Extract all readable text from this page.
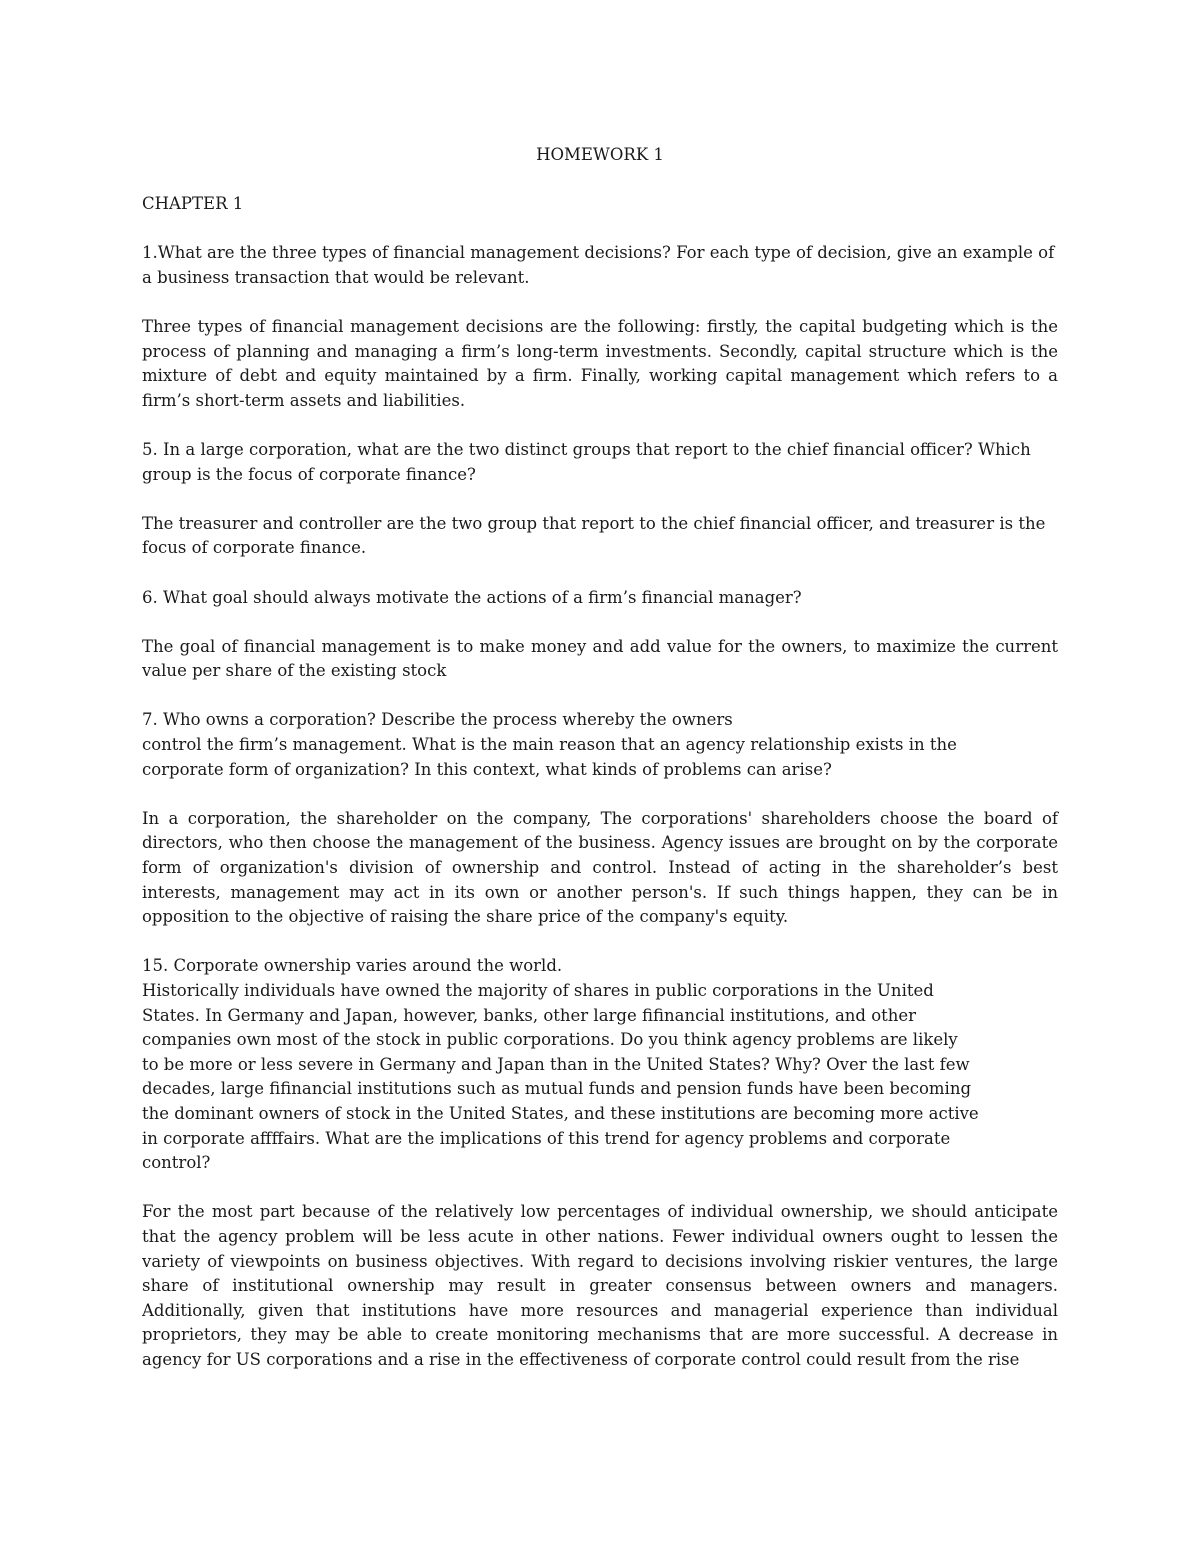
HOMEWORK 1

CHAPTER 1

1.What are the three types of financial management decisions? For each type of decision, give an example of a business transaction that would be relevant.

Three types of financial management decisions are the following: firstly, the capital budgeting which is the process of planning and managing a firm’s long-term investments. Secondly, capital structure which is the mixture of debt and equity maintained by a firm. Finally, working capital management which refers to a firm’s short-term assets and liabilities.

5. In a large corporation, what are the two distinct groups that report to the chief financial officer? Which group is the focus of corporate finance?

The treasurer and controller are the two group that report to the chief financial officer, and treasurer is the focus of corporate finance.

6. What goal should always motivate the actions of a firm’s financial manager?

The goal of financial management is to make money and add value for the owners, to maximize the current value per share of the existing stock

7. Who owns a corporation? Describe the process whereby the owners
control the firm’s management. What is the main reason that an agency relationship exists in the
corporate form of organization? In this context, what kinds of problems can arise?

In a corporation, the shareholder on the company, The corporations' shareholders choose the board of directors, who then choose the management of the business. Agency issues are brought on by the corporate form of organization's division of ownership and control. Instead of acting in the shareholder’s best interests, management may act in its own or another person's. If such things happen, they can be in opposition to the objective of raising the share price of the company's equity.

15. Corporate ownership varies around the world.
Historically individuals have owned the majority of shares in public corporations in the United
States. In Germany and Japan, however, banks, other large fifinancial institutions, and other
companies own most of the stock in public corporations. Do you think agency problems are likely
to be more or less severe in Germany and Japan than in the United States? Why? Over the last few
decades, large fifinancial institutions such as mutual funds and pension funds have been becoming
the dominant owners of stock in the United States, and these institutions are becoming more active
in corporate affffairs. What are the implications of this trend for agency problems and corporate
control?

For the most part because of the relatively low percentages of individual ownership, we should anticipate that the agency problem will be less acute in other nations. Fewer individual owners ought to lessen the variety of viewpoints on business objectives. With regard to decisions involving riskier ventures, the large share of institutional ownership may result in greater consensus between owners and managers. Additionally, given that institutions have more resources and managerial experience than individual proprietors, they may be able to create monitoring mechanisms that are more successful. A decrease in agency for US corporations and a rise in the effectiveness of corporate control could result from the rise
